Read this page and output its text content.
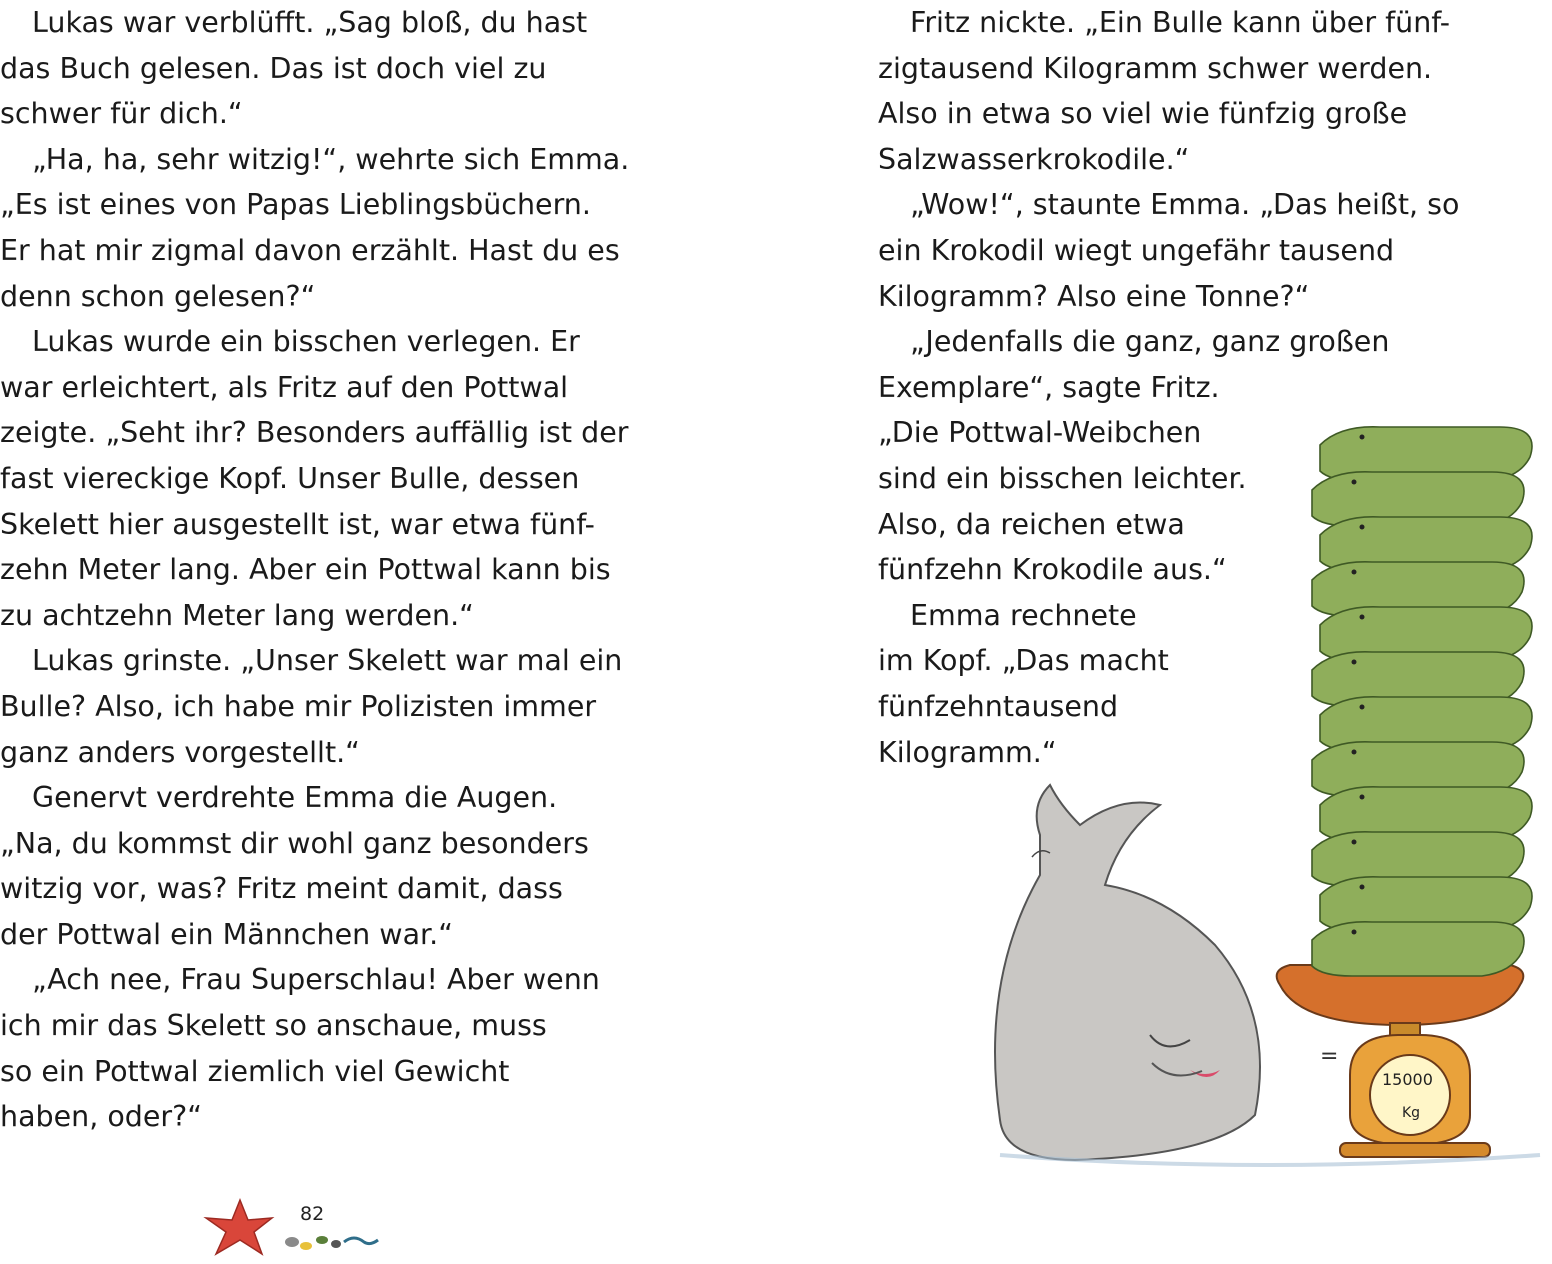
Lukas war verblüfft. „Sag bloß, du hast
das Buch gelesen. Das ist doch viel zu
schwer für dich.“
„Ha, ha, sehr witzig!“, wehrte sich Emma.
„Es ist eines von Papas Lieblingsbüchern.
Er hat mir zigmal davon erzählt. Hast du es
denn schon gelesen?“
Lukas wurde ein bisschen verlegen. Er
war erleichtert, als Fritz auf den Pottwal
zeigte. „Seht ihr? Besonders auffällig ist der
fast viereckige Kopf. Unser Bulle, dessen
Skelett hier ausgestellt ist, war etwa fünf-
zehn Meter lang. Aber ein Pottwal kann bis
zu achtzehn Meter lang werden.“
Lukas grinste. „Unser Skelett war mal ein
Bulle? Also, ich habe mir Polizisten immer
ganz anders vorgestellt.“
Genervt verdrehte Emma die Augen.
„Na, du kommst dir wohl ganz besonders
witzig vor, was? Fritz meint damit, dass
der Pottwal ein Männchen war.“
„Ach nee, Frau Superschlau! Aber wenn
ich mir das Skelett so anschaue, muss
so ein Pottwal ziemlich viel Gewicht
haben, oder?“
82
Fritz nickte. „Ein Bulle kann über fünf-
zigtausend Kilogramm schwer werden.
Also in etwa so viel wie fünfzig große
Salzwasserkrokodile.“
„Wow!“, staunte Emma. „Das heißt, so
ein Krokodil wiegt ungefähr tausend
Kilogramm? Also eine Tonne?“
„Jedenfalls die ganz, ganz großen
Exemplare“, sagte Fritz.
„Die Pottwal-Weibchen
sind ein bisschen leichter.
Also, da reichen etwa
fünfzehn Krokodile aus.“
Emma rechnete
im Kopf. „Das macht
fünfzehntausend
Kilogramm.“
=
15000
Kg
